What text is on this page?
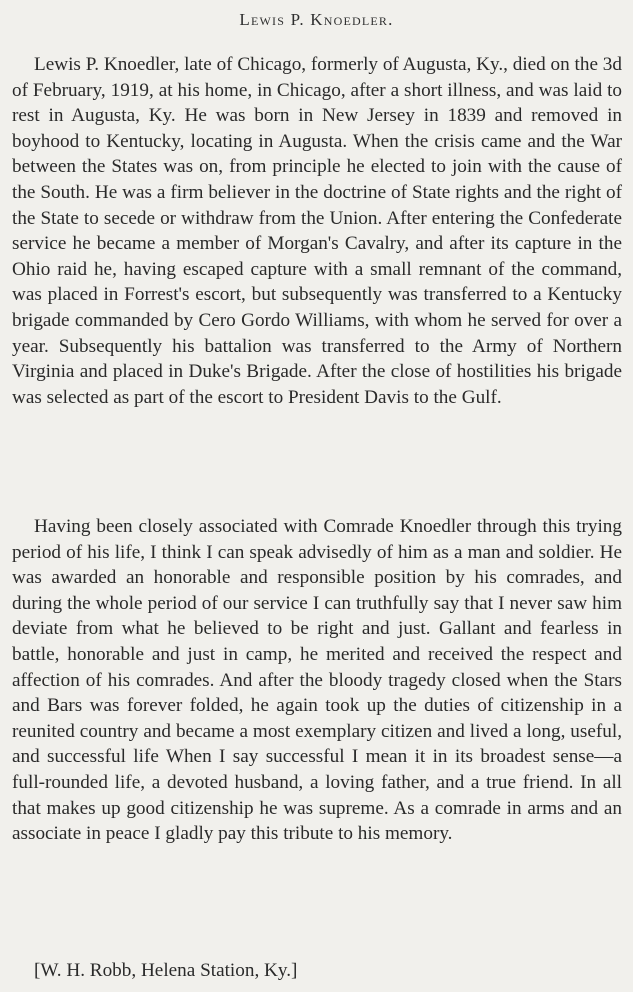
Lewis P. Knoedler.

Lewis P. Knoedler, late of Chicago, formerly of Augusta, Ky., died on the 3d of February, 1919, at his home, in Chicago, after a short illness, and was laid to rest in Augusta, Ky. He was born in New Jersey in 1839 and removed in boyhood to Kentucky, locating in Augusta. When the crisis came and the War between the States was on, from principle he elected to join with the cause of the South. He was a firm believer in the doctrine of State rights and the right of the State to secede or withdraw from the Union. After entering the Confederate service he became a member of Morgan's Cavalry, and after its capture in the Ohio raid he, having escaped capture with a small remnant of the command, was placed in Forrest's escort, but subsequently was transferred to a Kentucky brigade commanded by Cero Gordo Williams, with whom he served for over a year. Subsequently his battalion was transferred to the Army of Northern Virginia and placed in Duke's Brigade. After the close of hostilities his brigade was selected as part of the escort to President Davis to the Gulf.

Having been closely associated with Comrade Knoedler through this trying period of his life, I think I can speak advisedly of him as a man and soldier. He was awarded an honorable and responsible position by his comrades, and during the whole period of our service I can truthfully say that I never saw him deviate from what he believed to be right and just. Gallant and fearless in battle, honorable and just in camp, he merited and received the respect and affection of his comrades. And after the bloody tragedy closed when the Stars and Bars was forever folded, he again took up the duties of citizenship in a reunited country and became a most exemplary citizen and lived a long, useful, and successful life When I say successful I mean it in its broadest sense—a full-rounded life, a devoted husband, a loving father, and a true friend. In all that makes up good citizenship he was supreme. As a comrade in arms and an associate in peace I gladly pay this tribute to his memory.

[W. H. Robb, Helena Station, Ky.]
